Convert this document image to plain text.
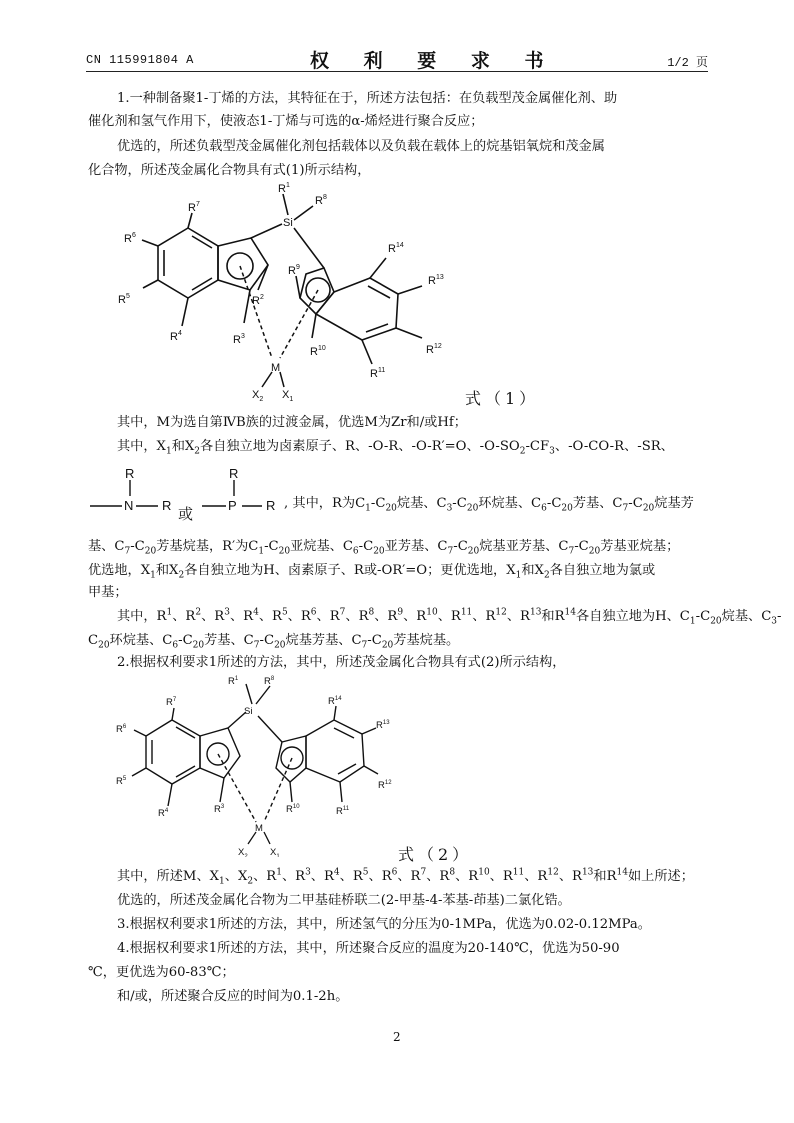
CN 115991804 A	权 利 要 求 书	1/2 页
1.一种制备聚1-丁烯的方法，其特征在于，所述方法包括：在负载型茂金属催化剂、助
催化剂和氢气作用下，使液态1-丁烯与可选的α-烯烃进行聚合反应；
优选的，所述负载型茂金属催化剂包括载体以及负载在载体上的烷基铝氧烷和茂金属
化合物，所述茂金属化合物具有式(1)所示结构，
$R^7$
$R^6$
$R^5$
$R^4$
$R^3$
$R^2$
$R^1$
$R^8$
Si
$R^9$
$R^{14}$
$R^{13}$
$R^{12}$
$R^{11}$
$R^{10}$
M
$X_2$ $X_1$	式（1）
其中，M为选自第ⅣB族的过渡金属，优选M为Zr和/或Hf；
其中，$X_1$和$X_2$各自独立地为卤素原子、R、-O-R、-O-R′=O、$-O-SO_2-CF_3$、-O-CO-R、-SR、
N
R
R	P
R
R
或
, 其中，R为$C_1-C_{20}$烷基、$C_3-C_{20}$环烷基、$C_6-C_{20}$芳基、$C_7-C_{20}$烷基芳
基、$C_7-C_{20}$芳基烷基，R′为$C_1-C_{20}$亚烷基、$C_6-C_{20}$亚芳基、$C_7-C_{20}$烷基亚芳基、$C_7-C_{20}$芳基亚烷基；
优选地，$X_1$和$X_2$各自独立地为H、卤素原子、R或-OR′=O；更优选地，$X_1$和$X_2$各自独立地为氯或
甲基；
其中，$R^1$、$R^2$、$R^3$、$R^4$、$R^5$、$R^6$、$R^7$、$R^8$、$R^9$、$R^{10}$、$R^{11}$、$R^{12}$、$R^{13}$和$R^{14}$各自独立地为H、$C_1-C_{20}$烷基、$C_3-$
$C_{20}$环烷基、$C_6-C_{20}$芳基、$C_7-C_{20}$烷基芳基、$C_7-C_{20}$芳基烷基。
2.根据权利要求1所述的方法，其中，所述茂金属化合物具有式(2)所示结构，
$R^7$
$R^6$
$R^5$
$R^4$	$R^3$
$R^1$	$R^8$
Si
$R^{14}$
$R^{13}$
$R^{12}$
$R^{11}$
$R^{10}$
M
$X_2$ $X_1$	式（2）
其中，所述M、$X_1$、$X_2$、$R^1$、$R^3$、$R^4$、$R^5$、$R^6$、$R^7$、$R^8$、$R^{10}$、$R^{11}$、$R^{12}$、$R^{13}$和$R^{14}$如上所述；
优选的，所述茂金属化合物为二甲基硅桥联二(2-甲基-4-苯基-茚基)二氯化锆。
3.根据权利要求1所述的方法，其中，所述氢气的分压为0-1MPa，优选为0.02-0.12MPa。
4.根据权利要求1所述的方法，其中，所述聚合反应的温度为20-140℃，优选为50-90
℃，更优选为60-83℃；
和/或，所述聚合反应的时间为0.1-2h。
2
